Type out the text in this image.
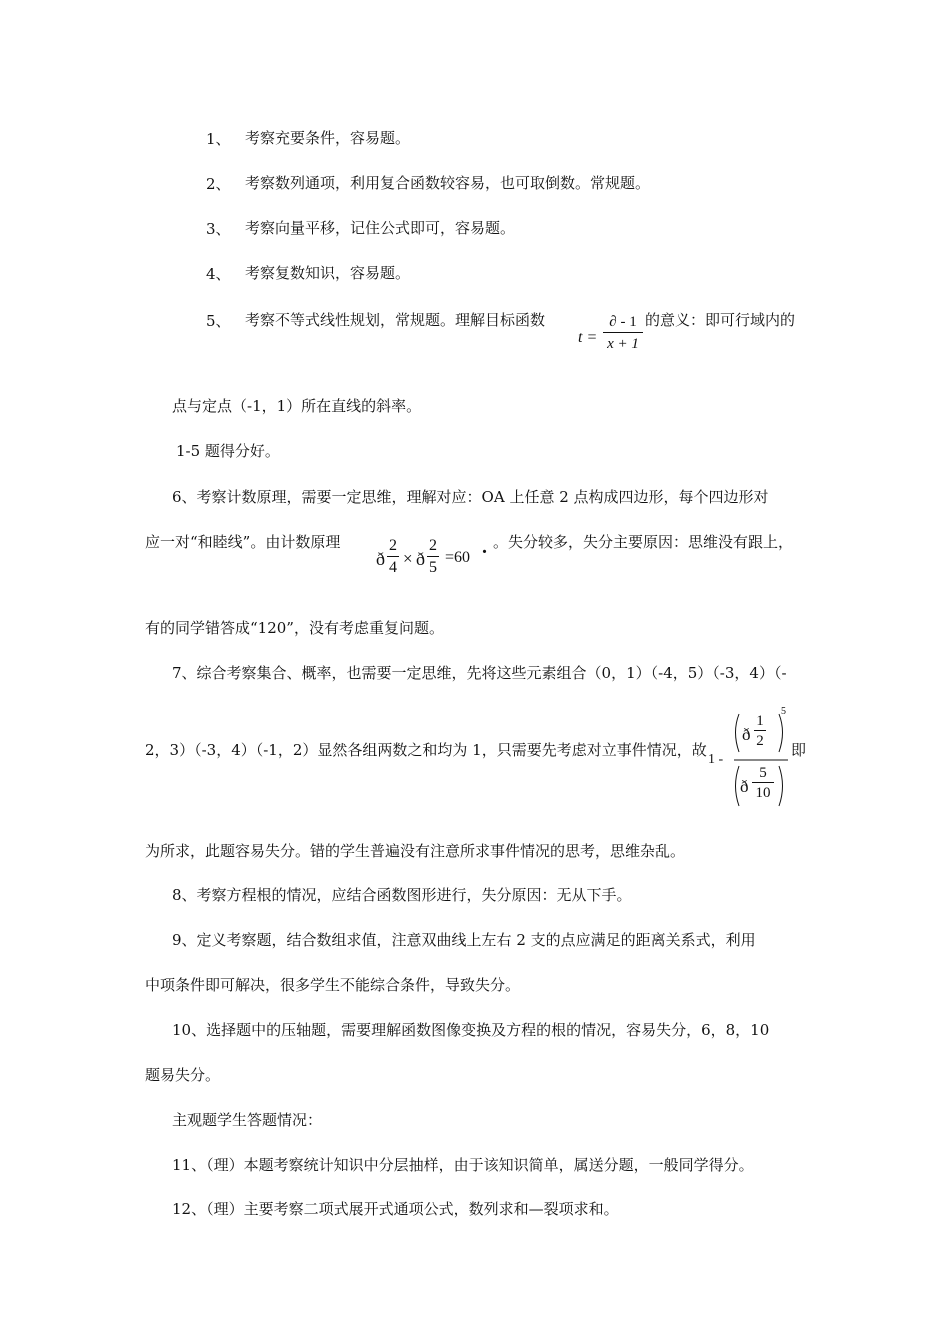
1、 考察充要条件，容易题。
2、 考察数列通项，利用复合函数较容易，也可取倒数。常规题。
3、 考察向量平移，记住公式即可，容易题。
4、 考察复数知识，容易题。
5、 考察不等式线性规划，常规题。理解目标函数
t =
∂ - 1
x + 1
的意义：即可行域内的
点与定点（-1，1）所在直线的斜率。
1-5 题得分好。
6、考察计数原理，需要一定思维，理解对应：OA 上任意 2 点构成四边形，每个四边形对
应一对“和睦线”。由计数原理
ð
2
4 × ð
2
5
=60 . 。失分较多，失分主要原因：思维没有跟上，
有的同学错答成“120”，没有考虑重复问题。
7、综合考察集合、概率，也需要一定思维，先将这些元素组合（0，1）（-4，5）（-3，4）（-
2，3）（-3，4）（-1，2）显然各组两数之和均为 1，只需要先考虑对立事件情况，故
1 -
ð
1
2
5
ð
5
10
即
为所求，此题容易失分。错的学生普遍没有注意所求事件情况的思考，思维杂乱。
8、考察方程根的情况，应结合函数图形进行，失分原因：无从下手。
9、定义考察题，结合数组求值，注意双曲线上左右 2 支的点应满足的距离关系式，利用
中项条件即可解决，很多学生不能综合条件，导致失分。
10、选择题中的压轴题，需要理解函数图像变换及方程的根的情况，容易失分，6，8，10
题易失分。
主观题学生答题情况：
11、（理）本题考察统计知识中分层抽样，由于该知识简单，属送分题，一般同学得分。
12、（理）主要考察二项式展开式通项公式，数列求和—裂项求和。
